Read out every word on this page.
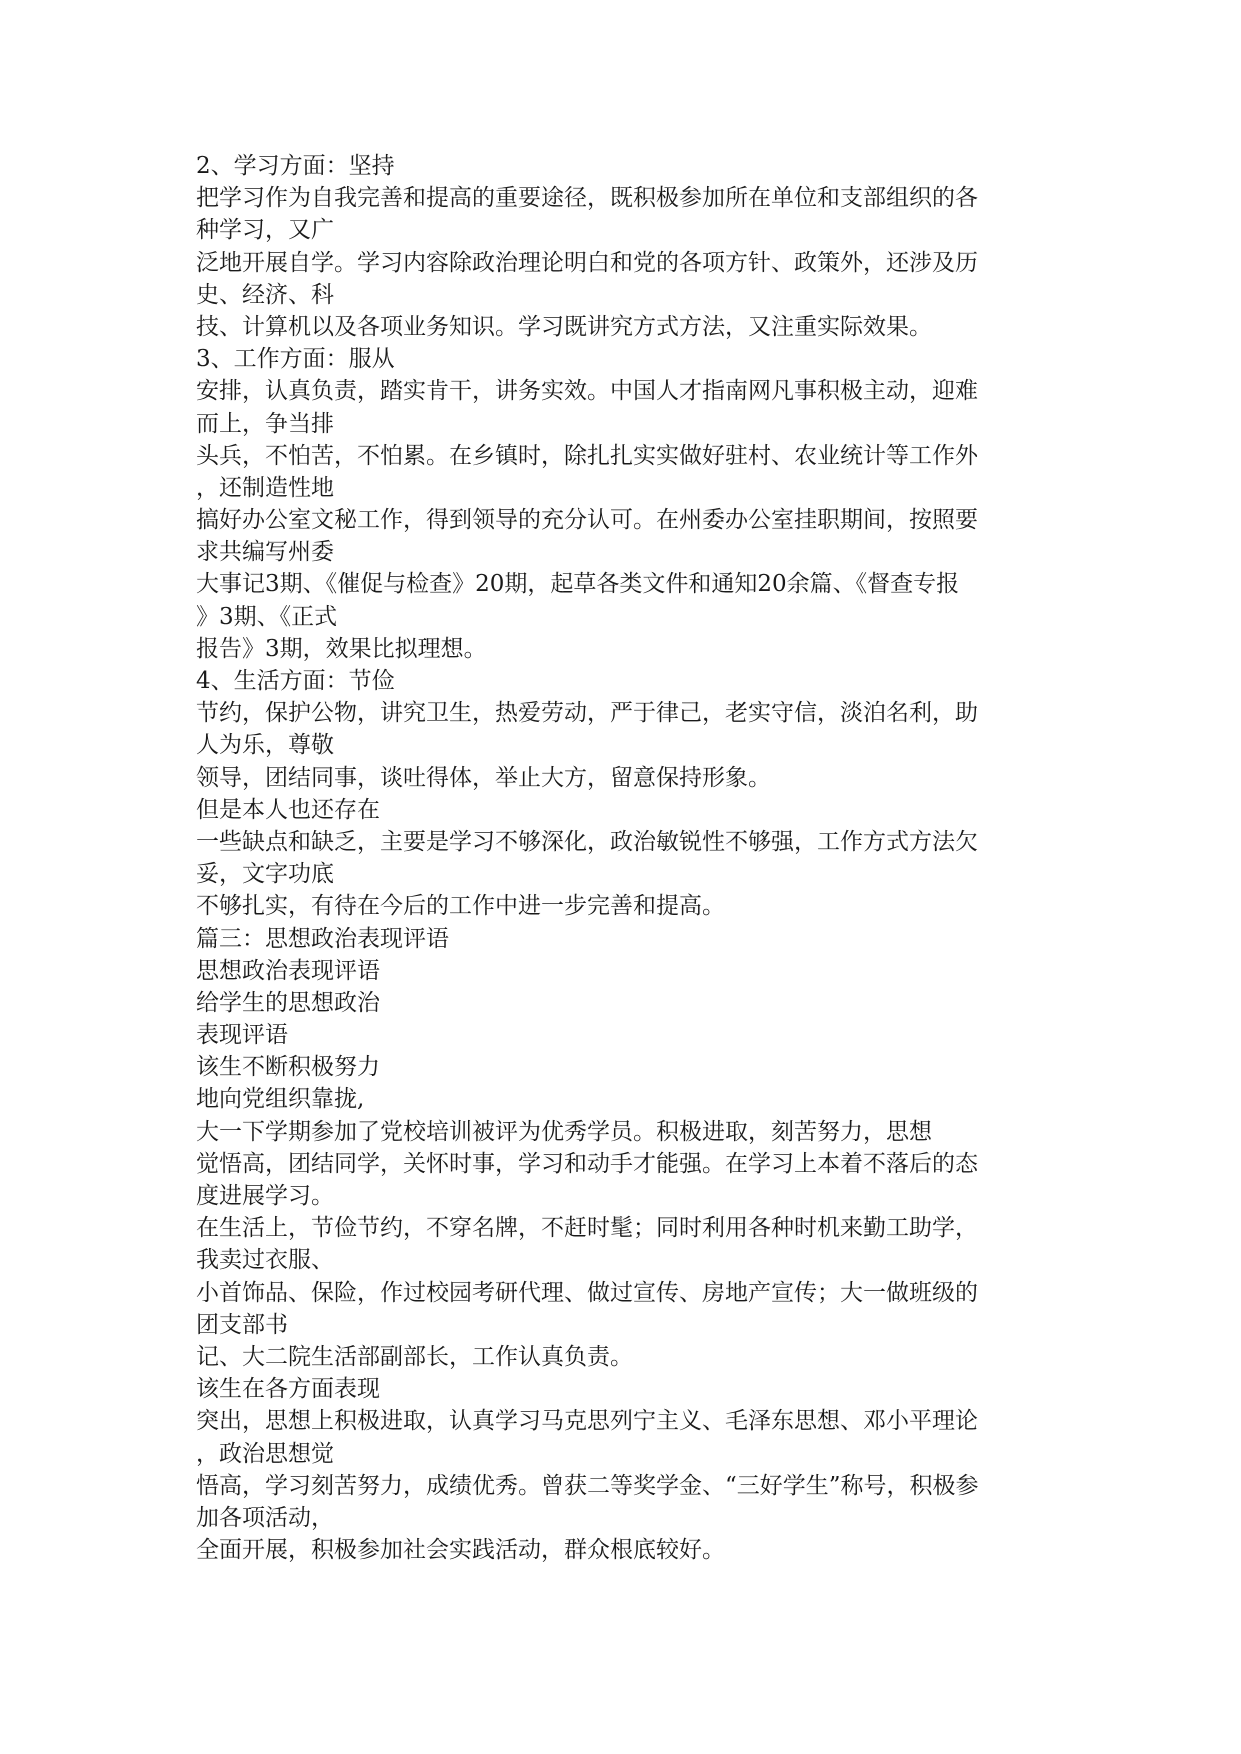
2、学习方面：坚持
把学习作为自我完善和提高的重要途径，既积极参加所在单位和支部组织的各
种学习，又广
泛地开展自学。学习内容除政治理论明白和党的各项方针、政策外，还涉及历
史、经济、科
技、计算机以及各项业务知识。学习既讲究方式方法，又注重实际效果。
3、工作方面：服从
安排，认真负责，踏实肯干，讲务实效。中国人才指南网凡事积极主动，迎难
而上，争当排
头兵，不怕苦，不怕累。在乡镇时，除扎扎实实做好驻村、农业统计等工作外
，还制造性地
搞好办公室文秘工作，得到领导的充分认可。在州委办公室挂职期间，按照要
求共编写州委
大事记3期、《催促与检查》20期，起草各类文件和通知20余篇、《督查专报
》3期、《正式
报告》3期，效果比拟理想。
4、生活方面：节俭
节约，保护公物，讲究卫生，热爱劳动，严于律己，老实守信，淡泊名利，助
人为乐，尊敬
领导，团结同事，谈吐得体，举止大方，留意保持形象。
但是本人也还存在
一些缺点和缺乏，主要是学习不够深化，政治敏锐性不够强，工作方式方法欠
妥，文字功底
不够扎实，有待在今后的工作中进一步完善和提高。
篇三：思想政治表现评语
思想政治表现评语
给学生的思想政治
表现评语
该生不断积极努力
地向党组织靠拢,
大一下学期参加了党校培训被评为优秀学员。积极进取，刻苦努力，思想
觉悟高，团结同学，关怀时事，学习和动手才能强。在学习上本着不落后的态
度进展学习。
在生活上，节俭节约，不穿名牌，不赶时髦；同时利用各种时机来勤工助学，
我卖过衣服、
小首饰品、保险，作过校园考研代理、做过宣传、房地产宣传；大一做班级的
团支部书
记、大二院生活部副部长，工作认真负责。
该生在各方面表现
突出，思想上积极进取，认真学习马克思列宁主义、毛泽东思想、邓小平理论
，政治思想觉
悟高，学习刻苦努力，成绩优秀。曾获二等奖学金、“三好学生”称号，积极参
加各项活动，
全面开展，积极参加社会实践活动，群众根底较好。
